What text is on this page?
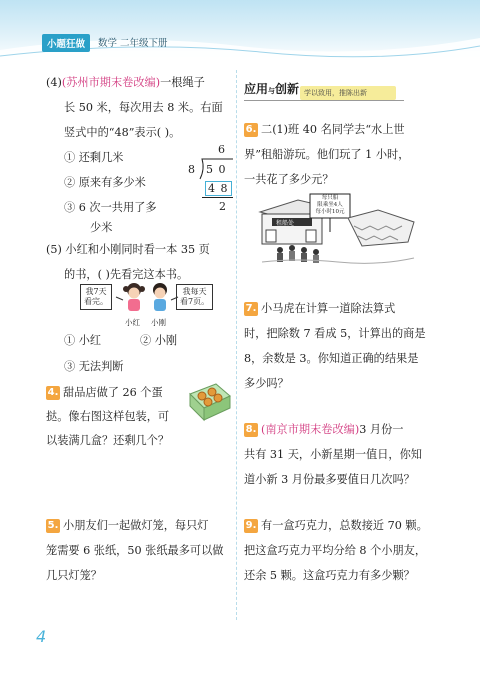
小题狂做	数学 二年级下册
(4)(苏州市期末卷改编)一根绳子
长 50 米，每次用去 8 米。右面
竖式中的“48”表示( )。
① 还剩几米
② 原来有多少米
③ 6 次一共用了多
少米
6
8 5 0
4 8
2
(5) 小红和小刚同时看一本 35 页
的书，( )先看完这本书。
我7天
看完。
我每天
看7页。
小红 小刚
① 小红	② 小刚
③ 无法判断
4. 甜品店做了 26 个蛋
挞。像右图这样包装，可
以装满几盒？还剩几个？
5. 小朋友们一起做灯笼，每只灯
笼需要 6 张纸，50 张纸最多可以做
几只灯笼？
应用与创新 学以致用，推陈出新
6. 二(1)班 40 名同学去“水上世
界”租船游玩。他们玩了 1 小时，
一共花了多少元？
每只船
限乘坐4人
每小时10元
租船处
7. 小马虎在计算一道除法算式
时，把除数 7 看成 5，计算出的商是
8，余数是 3。你知道正确的结果是
多少吗？
8. (南京市期末卷改编)3 月份一
共有 31 天，小新星期一值日，你知
道小新 3 月份最多要值日几次吗？
9. 有一盒巧克力，总数接近 70 颗。
把这盒巧克力平均分给 8 个小朋友，
还余 5 颗。这盒巧克力有多少颗？
4
